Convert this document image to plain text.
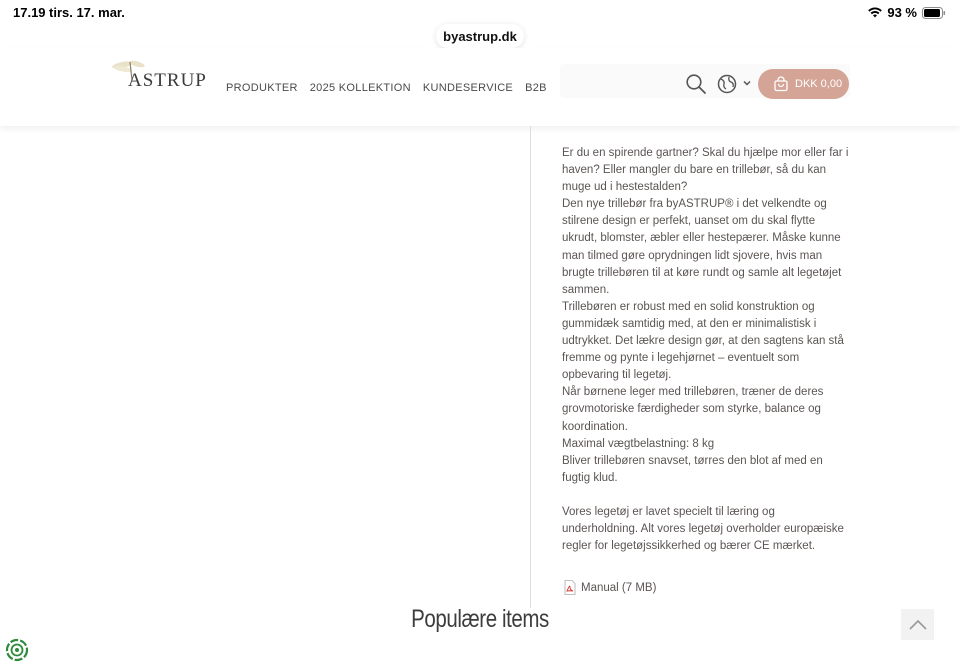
17.19 tirs. 17. mar.	93 %
byastrup.dk
ASTRUP PRODUKTER 2025 KOLLEKTION KUNDESERVICE B2B	DKK 0,00

Er du en spirende gartner? Skal du hjælpe mor eller far i haven? Eller mangler du bare en trillebør, så du kan muge ud i hestestalden?

Den nye trillebør fra byASTRUP® i det velkendte og stilrene design er perfekt, uanset om du skal flytte ukrudt, blomster, æbler eller hestepærer. Måske kunne man tilmed gøre oprydningen lidt sjovere, hvis man brugte trillebøren til at køre rundt og samle alt legetøjet sammen.

Trillebøren er robust med en solid konstruktion og gummidæk samtidig med, at den er minimalistisk i udtrykket. Det lækre design gør, at den sagtens kan stå fremme og pynte i legehjørnet – eventuelt som opbevaring til legetøj.

Når børnene leger med trillebøren, træner de deres grovmotoriske færdigheder som styrke, balance og koordination.

Maximal vægtbelastning: 8 kg

Bliver trillebøren snavset, tørres den blot af med en fugtig klud.

Vores legetøj er lavet specielt til læring og underholdning. Alt vores legetøj overholder europæiske regler for legetøjssikkerhed og bærer CE mærket.

Manual (7 MB)
Populære items
